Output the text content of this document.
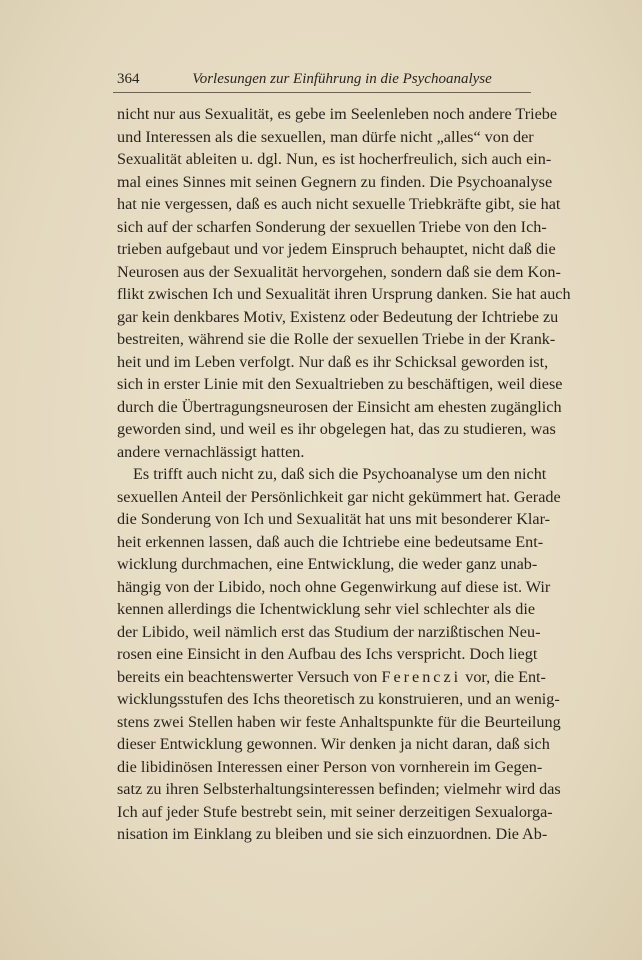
364	Vorlesungen zur Einführung in die Psychoanalyse
nicht nur aus Sexualität, es gebe im Seelenleben noch andere Triebe
und Interessen als die sexuellen, man dürfe nicht „alles“ von der
Sexualität ableiten u. dgl. Nun, es ist hocherfreulich, sich auch ein-
mal eines Sinnes mit seinen Gegnern zu finden. Die Psychoanalyse
hat nie vergessen, daß es auch nicht sexuelle Triebkräfte gibt, sie hat
sich auf der scharfen Sonderung der sexuellen Triebe von den Ich-
trieben aufgebaut und vor jedem Einspruch behauptet, nicht daß die
Neurosen aus der Sexualität hervorgehen, sondern daß sie dem Kon-
flikt zwischen Ich und Sexualität ihren Ursprung danken. Sie hat auch
gar kein denkbares Motiv, Existenz oder Bedeutung der Ichtriebe zu
bestreiten, während sie die Rolle der sexuellen Triebe in der Krank-
heit und im Leben verfolgt. Nur daß es ihr Schicksal geworden ist,
sich in erster Linie mit den Sexualtrieben zu beschäftigen, weil diese
durch die Übertragungsneurosen der Einsicht am ehesten zugänglich
geworden sind, und weil es ihr obgelegen hat, das zu studieren, was
andere vernachlässigt hatten.
Es trifft auch nicht zu, daß sich die Psychoanalyse um den nicht
sexuellen Anteil der Persönlichkeit gar nicht gekümmert hat. Gerade
die Sonderung von Ich und Sexualität hat uns mit besonderer Klar-
heit erkennen lassen, daß auch die Ichtriebe eine bedeutsame Ent-
wicklung durchmachen, eine Entwicklung, die weder ganz unab-
hängig von der Libido, noch ohne Gegenwirkung auf diese ist. Wir
kennen allerdings die Ichentwicklung sehr viel schlechter als die
der Libido, weil nämlich erst das Studium der narzißtischen Neu-
rosen eine Einsicht in den Aufbau des Ichs verspricht. Doch liegt
bereits ein beachtenswerter Versuch von Ferenczi vor, die Ent-
wicklungsstufen des Ichs theoretisch zu konstruieren, und an wenig-
stens zwei Stellen haben wir feste Anhaltspunkte für die Beurteilung
dieser Entwicklung gewonnen. Wir denken ja nicht daran, daß sich
die libidinösen Interessen einer Person von vornherein im Gegen-
satz zu ihren Selbsterhaltungsinteressen befinden; vielmehr wird das
Ich auf jeder Stufe bestrebt sein, mit seiner derzeitigen Sexualorga-
nisation im Einklang zu bleiben und sie sich einzuordnen. Die Ab-
